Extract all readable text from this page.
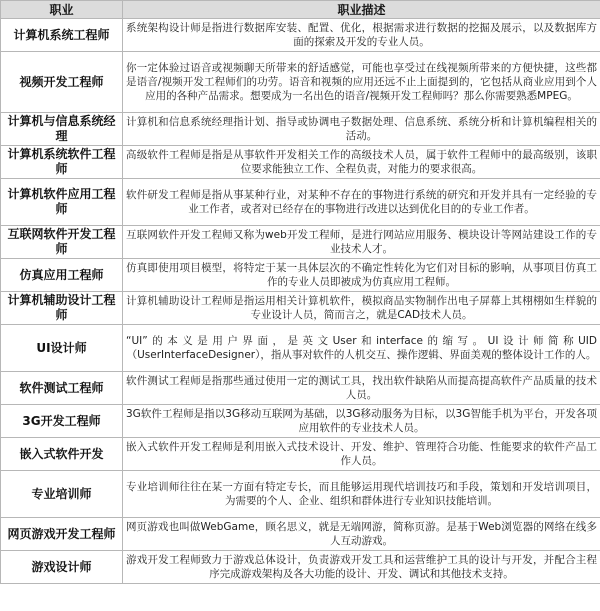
职业	职业描述
计算机系统工程师	系统架构设计师是指进行数据库安装、配置、优化，根据需求进行数据的挖掘及展示，以及数据库方面的探索及开发的专业人员。
视频开发工程师	你一定体验过语音或视频聊天所带来的舒适感觉，可能也享受过在线视频所带来的方便快捷，这些都是语音/视频开发工程师们的功劳。语音和视频的应用还远不止上面提到的，它包括从商业应用到个人应用的各种产品需求。想要成为一名出色的语音/视频开发工程师吗？那么你需要熟悉MPEG。
计算机与信息系统经理	计算机和信息系统经理指计划、指导或协调电子数据处理、信息系统、系统分析和计算机编程相关的活动。
计算机系统软件工程师	高级软件工程师是指是从事软件开发相关工作的高级技术人员，属于软件工程师中的最高级别，该职位要求能独立工作、全程负责，对能力的要求很高。
计算机软件应用工程师	软件研发工程师是指从事某种行业，对某种不存在的事物进行系统的研究和开发并具有一定经验的专业工作者，或者对已经存在的事物进行改进以达到优化目的的专业工作者。
互联网软件开发工程师	互联网软件开发工程师又称为web开发工程师，是进行网站应用服务、模块设计等网站建设工作的专业技术人才。
仿真应用工程师	仿真即使用项目模型，将特定于某一具体层次的不确定性转化为它们对目标的影响，从事项目仿真工作的专业人员即被成为仿真应用工程师。
计算机辅助设计工程师	计算机辅助设计工程师是指运用相关计算机软件，模拟商品实物制作出电子屏幕上其栩栩如生样貌的专业设计人员，简而言之，就是CAD技术人员。
UI设计师	“UI”的本义是用户界面，是英文User和interface的缩写。UI设计师简称UID（UserInterfaceDesigner），指从事对软件的人机交互、操作逻辑、界面美观的整体设计工作的人。
软件测试工程师	软件测试工程师是指那些通过使用一定的测试工具，找出软件缺陷从而提高提高软件产品质量的技术人员。
3G开发工程师	3G软件工程师是指以3G移动互联网为基础，以3G移动服务为目标，以3G智能手机为平台，开发各项应用软件的专业技术人员。
嵌入式软件开发	嵌入式软件开发工程师是利用嵌入式技术设计、开发、维护、管理符合功能、性能要求的软件产品工作人员。
专业培训师	专业培训师往往在某一方面有特定专长，而且能够运用现代培训技巧和手段，策划和开发培训项目，为需要的个人、企业、组织和群体进行专业知识技能培训。
网页游戏开发工程师	网页游戏也叫做WebGame，顾名思义，就是无端网游，简称页游。是基于Web浏览器的网络在线多人互动游戏。
游戏设计师	游戏开发工程师致力于游戏总体设计，负责游戏开发工具和运营维护工具的设计与开发，并配合主程序完成游戏架构及各大功能的设计、开发、调试和其他技术支持。
